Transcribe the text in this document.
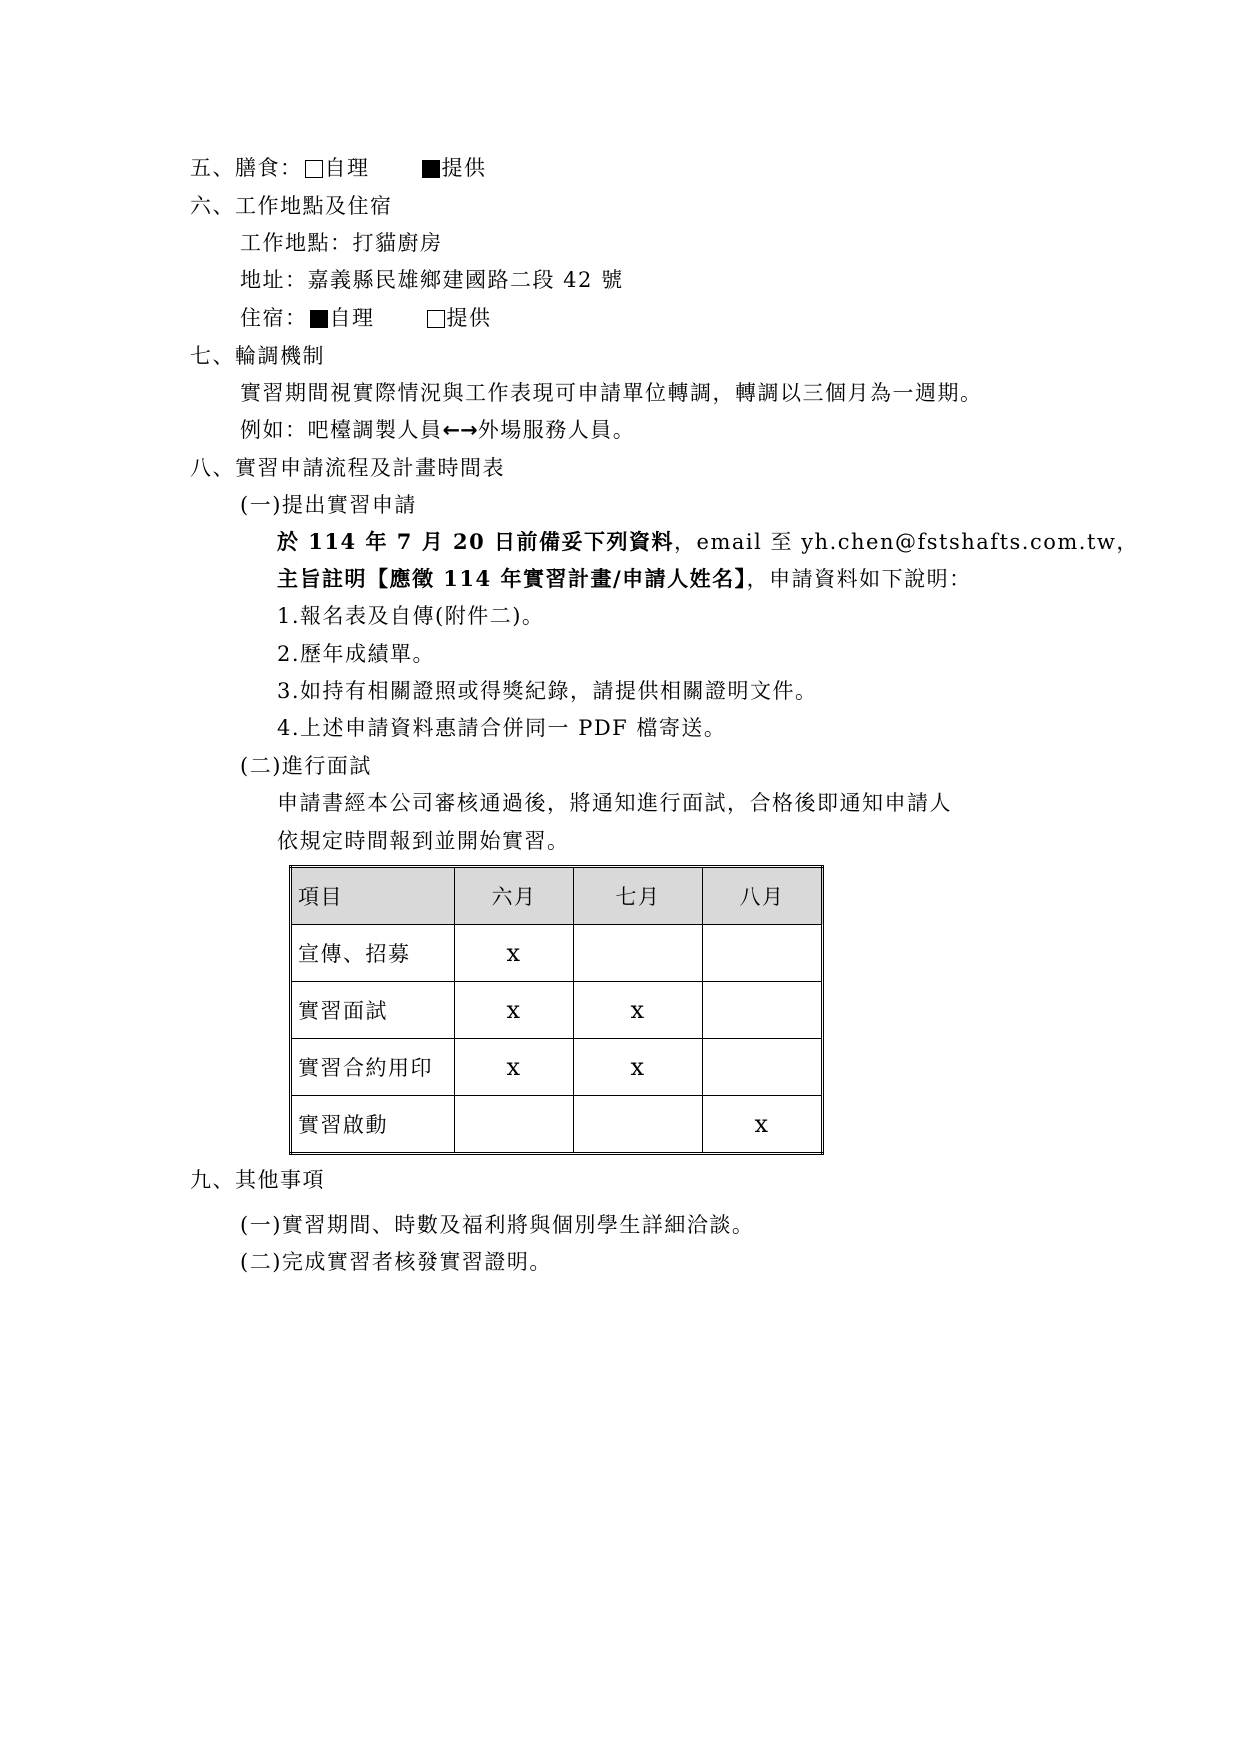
五、膳食： 自理	提供
六、工作地點及住宿
工作地點：打貓廚房
地址：嘉義縣民雄鄉建國路二段 42 號
住宿： 自理	提供
七、輪調機制
實習期間視實際情況與工作表現可申請單位轉調，轉調以三個月為一週期。
例如：吧檯調製人員←→外場服務人員。
八、實習申請流程及計畫時間表
(一)提出實習申請
於 114 年 7 月 20 日前備妥下列資料，email 至 yh.chen@fstshafts.com.tw，
主旨註明【應徵 114 年實習計畫/申請人姓名】，申請資料如下說明：
1.報名表及自傳(附件二)。
2.歷年成績單。
3.如持有相關證照或得獎紀錄，請提供相關證明文件。
4.上述申請資料惠請合併同一 PDF 檔寄送。
(二)進行面試
申請書經本公司審核通過後，將通知進行面試，合格後即通知申請人
依規定時間報到並開始實習。
項目	六月	七月	八月
宣傳、招募	x		
實習面試	x	x	
實習合約用印	x	x	
實習啟動			x
九、其他事項
(一)實習期間、時數及福利將與個別學生詳細洽談。
(二)完成實習者核發實習證明。
